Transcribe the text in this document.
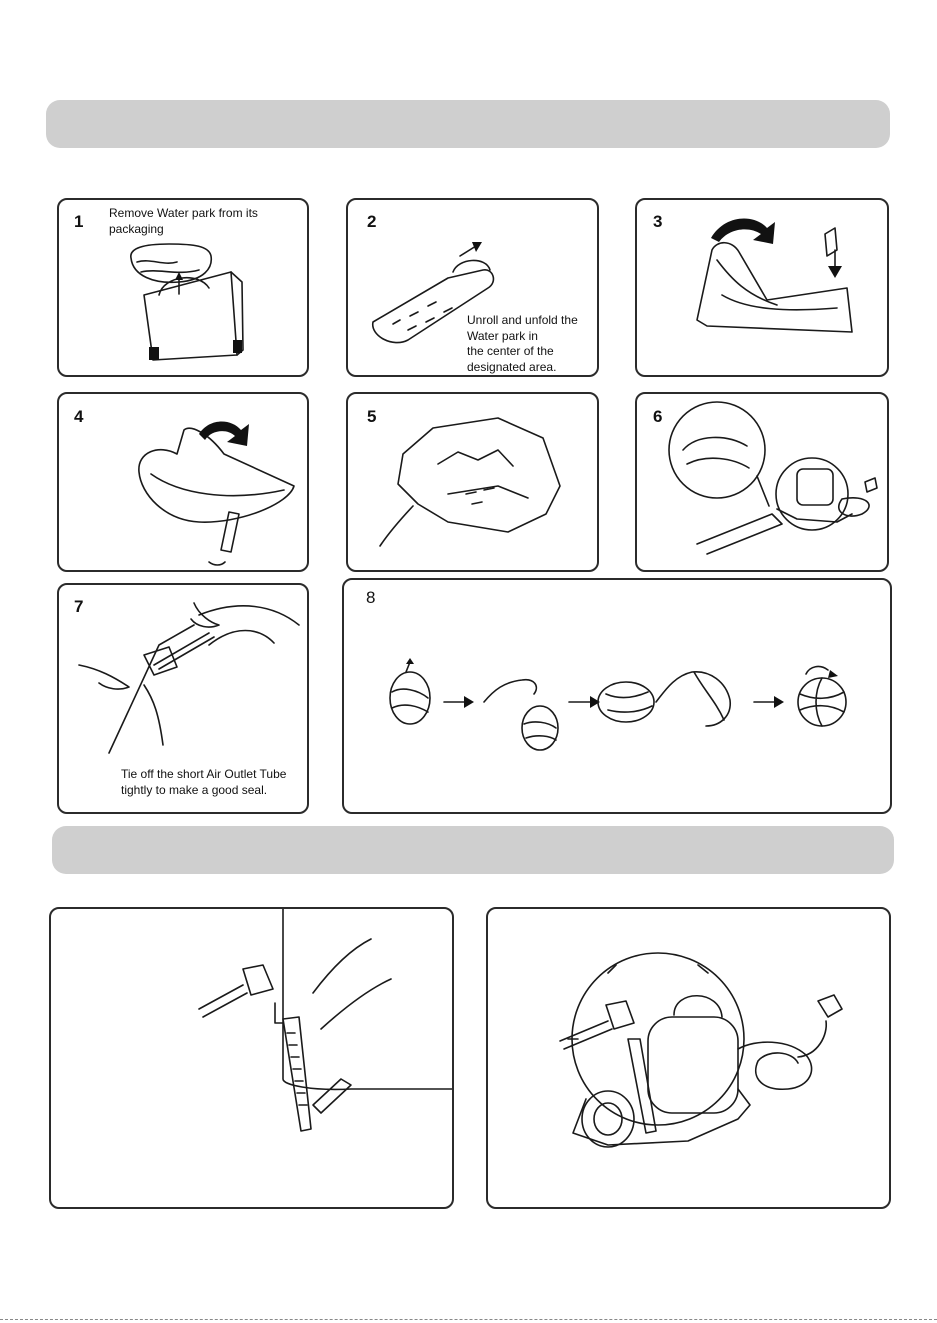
1 Remove Water park from its
packaging	2
Unroll and unfold the
Water park in
the center of the
designated area.
3
4	5	6
7
Tie off the short Air Outlet Tube
tightly to make a good seal.
8
